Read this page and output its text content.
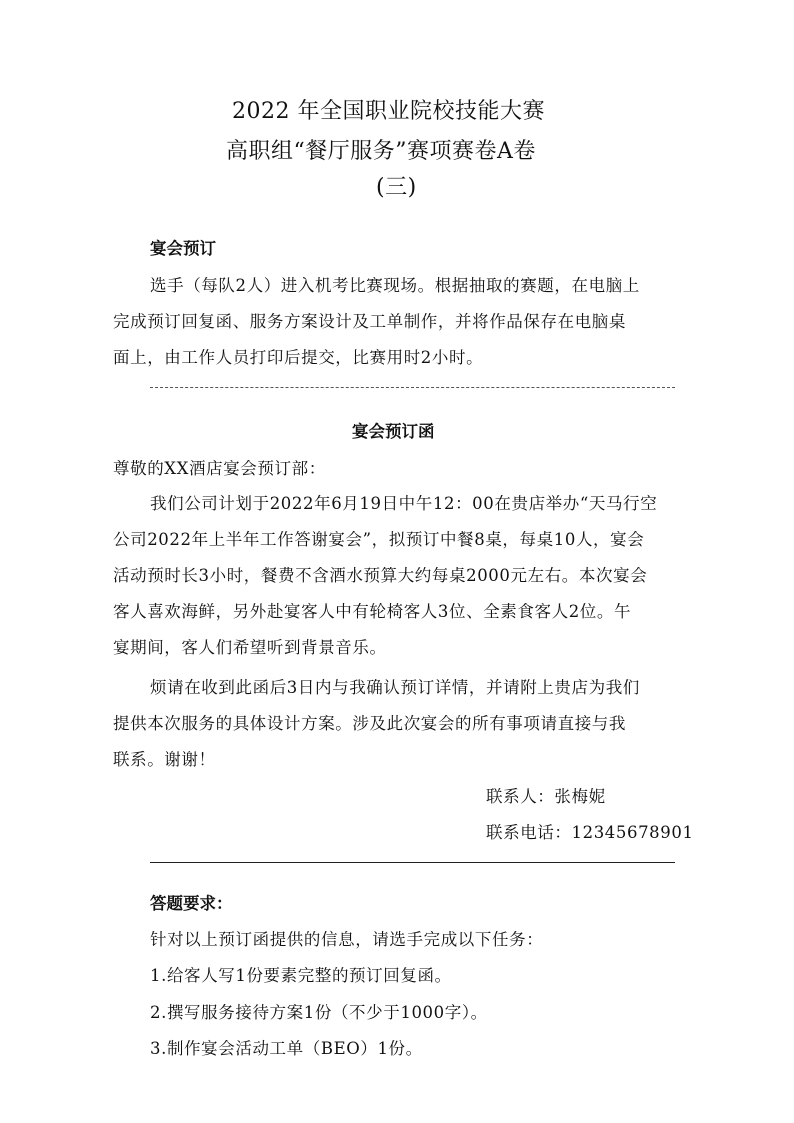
2022 年全国职业院校技能大赛
高职组“餐厅服务”赛项赛卷A卷
(三)
宴会预订
选手（每队2人）进入机考比赛现场。根据抽取的赛题，在电脑上
完成预订回复函、服务方案设计及工单制作，并将作品保存在电脑桌
面上，由工作人员打印后提交，比赛用时2小时。
宴会预订函
尊敬的XX酒店宴会预订部：
我们公司计划于2022年6月19日中午12：00在贵店举办“天马行空
公司2022年上半年工作答谢宴会”，拟预订中餐8桌，每桌10人，宴会
活动预时长3小时，餐费不含酒水预算大约每桌2000元左右。本次宴会
客人喜欢海鲜，另外赴宴客人中有轮椅客人3位、全素食客人2位。午
宴期间，客人们希望听到背景音乐。
烦请在收到此函后3日内与我确认预订详情，并请附上贵店为我们
提供本次服务的具体设计方案。涉及此次宴会的所有事项请直接与我
联系。谢谢！
联系人：张梅妮
联系电话：12345678901
答题要求：
针对以上预订函提供的信息，请选手完成以下任务：
1.给客人写1份要素完整的预订回复函。
2.撰写服务接待方案1份（不少于1000字）。
3.制作宴会活动工单（BEO）1份。
